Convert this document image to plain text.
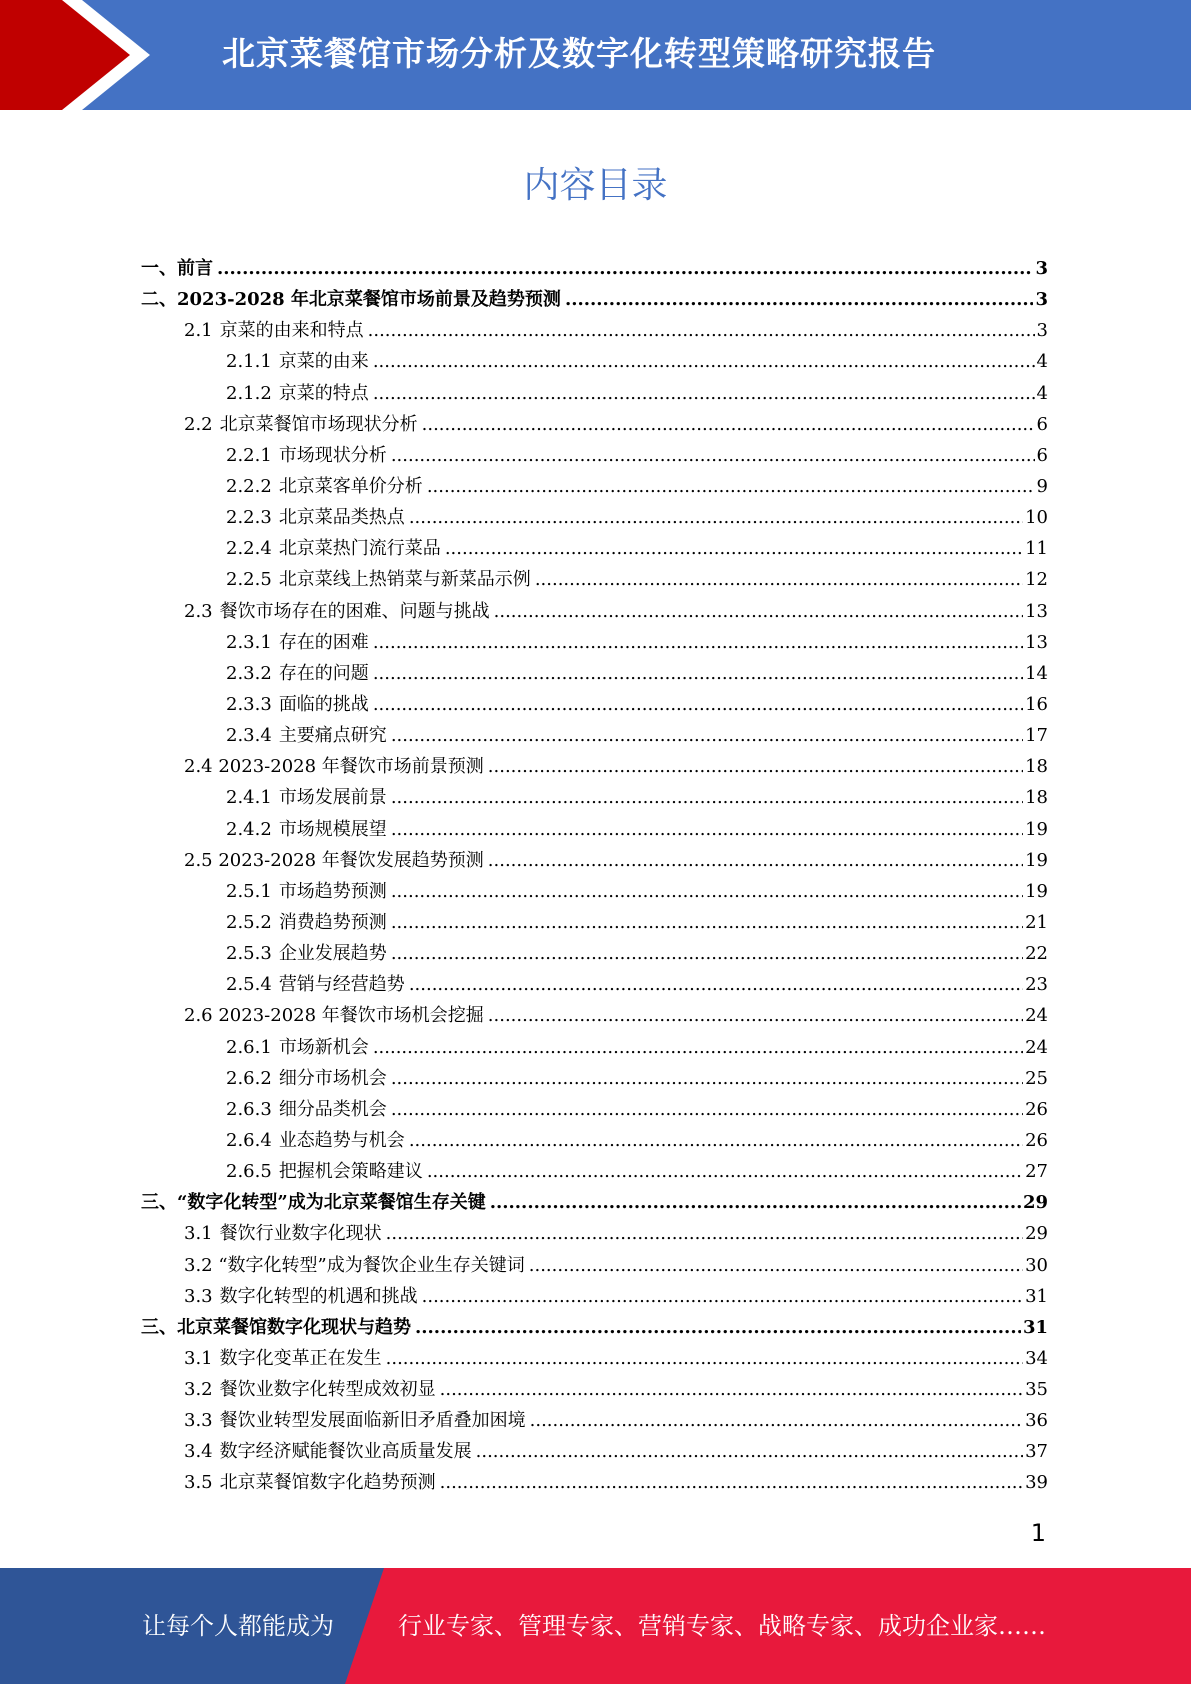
北京菜餐馆市场分析及数字化转型策略研究报告
内容目录
一、前言 .....	3
二、2023-2028 年北京菜餐馆市场前景及趋势预测 .....	3
2.1 京菜的由来和特点 .....	3
2.1.1 京菜的由来 .....	4
2.1.2 京菜的特点 .....	4
2.2 北京菜餐馆市场现状分析 .....	6
2.2.1 市场现状分析 .....	6
2.2.2 北京菜客单价分析 .....	9
2.2.3 北京菜品类热点 .....	10
2.2.4 北京菜热门流行菜品 .....	11
2.2.5 北京菜线上热销菜与新菜品示例 .....	12
2.3 餐饮市场存在的困难、问题与挑战 .....	13
2.3.1 存在的困难 .....	13
2.3.2 存在的问题 .....	14
2.3.3 面临的挑战 .....	16
2.3.4 主要痛点研究 .....	17
2.4 2023-2028 年餐饮市场前景预测 .....	18
2.4.1 市场发展前景 .....	18
2.4.2 市场规模展望 .....	19
2.5 2023-2028 年餐饮发展趋势预测 .....	19
2.5.1 市场趋势预测 .....	19
2.5.2 消费趋势预测 .....	21
2.5.3 企业发展趋势 .....	22
2.5.4 营销与经营趋势 .....	23
2.6 2023-2028 年餐饮市场机会挖掘 .....	24
2.6.1 市场新机会 .....	24
2.6.2 细分市场机会 .....	25
2.6.3 细分品类机会 .....	26
2.6.4 业态趋势与机会 .....	26
2.6.5 把握机会策略建议 .....	27
三、“数字化转型”成为北京菜餐馆生存关键 .....	29
3.1 餐饮行业数字化现状 .....	29
3.2 “数字化转型”成为餐饮企业生存关键词 .....	30
3.3 数字化转型的机遇和挑战 .....	31
三、北京菜餐馆数字化现状与趋势 .....	31
3.1 数字化变革正在发生 .....	34
3.2 餐饮业数字化转型成效初显 .....	35
3.3 餐饮业转型发展面临新旧矛盾叠加困境 .....	36
3.4 数字经济赋能餐饮业高质量发展 .....	37
3.5 北京菜餐馆数字化趋势预测 .....	39
1
让每个人都能成为	行业专家、管理专家、营销专家、战略专家、成功企业家……
